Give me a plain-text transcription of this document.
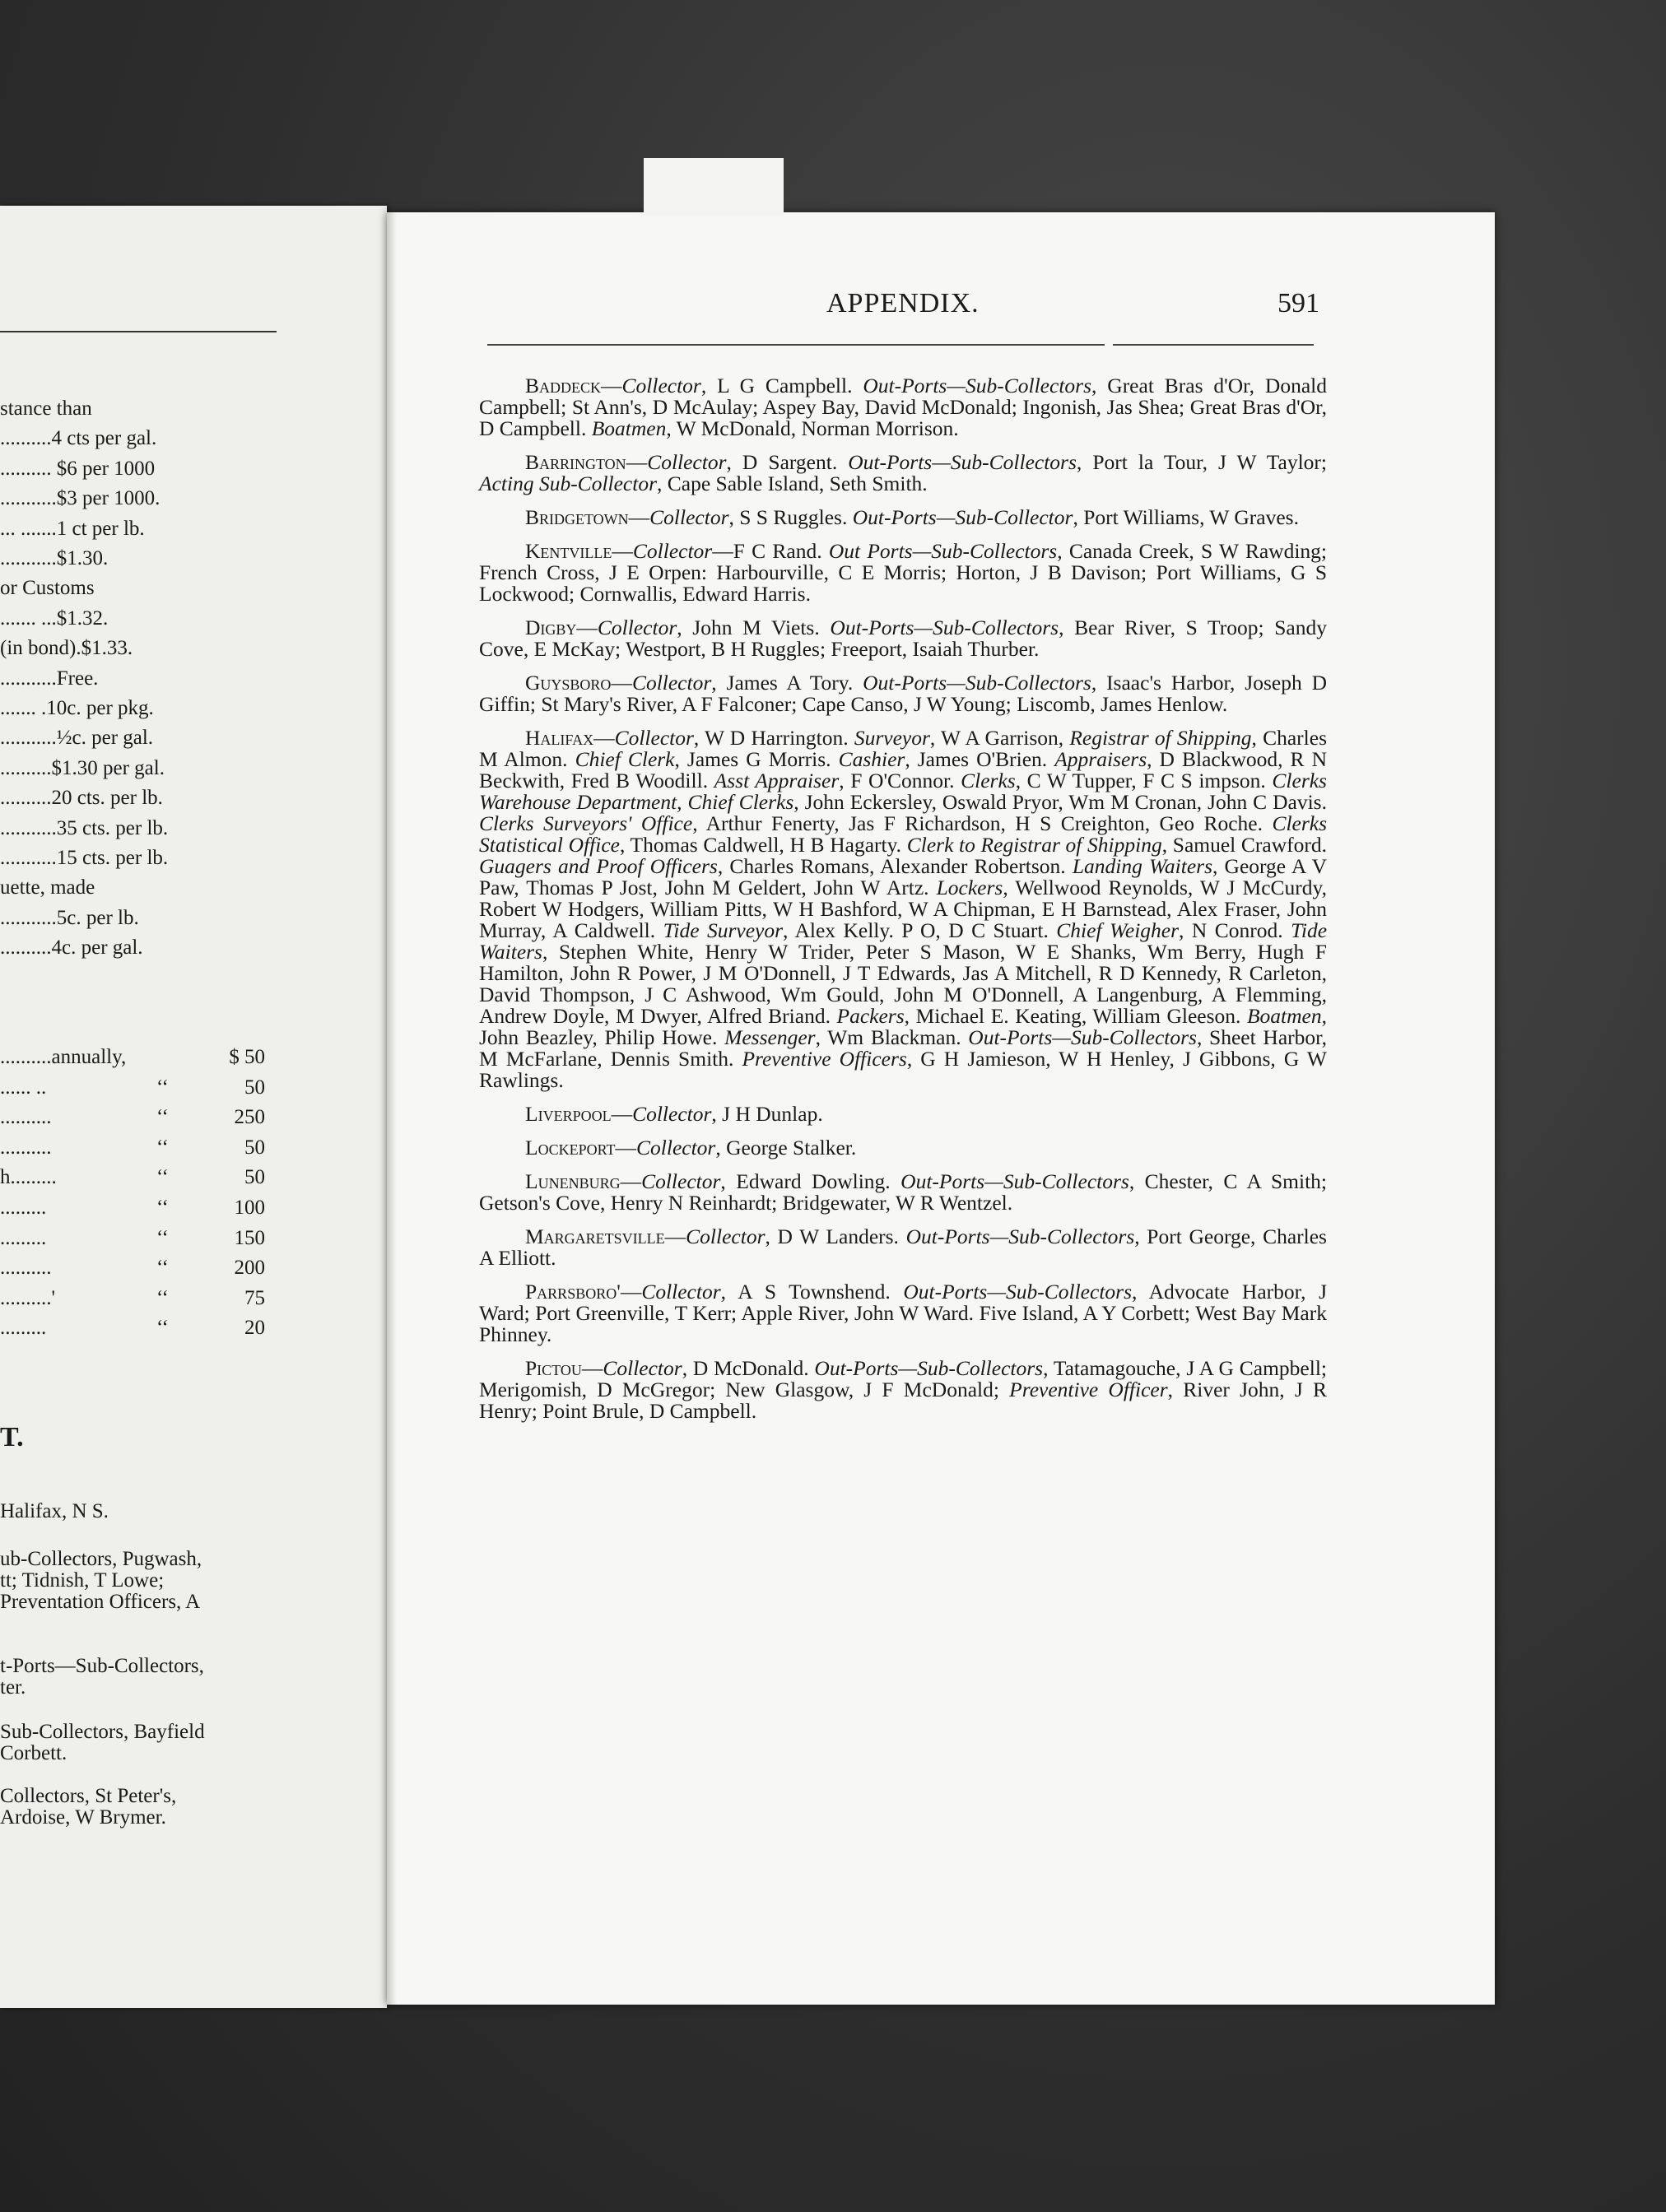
stance than
..........4 cts per gal.
.......... $6 per 1000
...........$3 per 1000.
... .......1 ct per lb.
...........$1.30.
or Customs
....... ...$1.32.
(in bond).$1.33.
...........Free.
....... .10c. per pkg.
...........½c. per gal.
..........$1.30 per gal.
..........20 cts. per lb.
...........35 cts. per lb.
...........15 cts. per lb.
uette, made
...........5c. per lb.
..........4c. per gal.
..........annually,	$ 50
...... ..	‘‘	50
..........	‘‘	250
..........	‘‘	50
h.........	‘‘	50
.........	‘‘	100
.........	‘‘	150
..........	‘‘	200
..........'	‘‘	75
.........	‘‘	20
T.
Halifax, N S.
ub-Collectors, Pugwash,
tt; Tidnish, T Lowe;
Preventation Officers, A
t-Ports—Sub-Collectors,
ter.
Sub-Collectors, Bayfield
Corbett.
Collectors, St Peter's,
Ardoise, W Brymer.
APPENDIX.	591

Baddeck—Collector, L G Campbell. Out-Ports—Sub-Collectors, Great Bras d'Or, Donald Campbell; St Ann's, D McAulay; Aspey Bay, David McDonald; Ingonish, Jas Shea; Great Bras d'Or, D Campbell. Boatmen, W McDonald, Norman Morrison.

Barrington—Collector, D Sargent. Out-Ports—Sub-Collectors, Port la Tour, J W Taylor; Acting Sub-Collector, Cape Sable Island, Seth Smith.

Bridgetown—Collector, S S Ruggles. Out-Ports—Sub-Collector, Port Williams, W Graves.

Kentville—Collector—F C Rand. Out Ports—Sub-Collectors, Canada Creek, S W Rawding; French Cross, J E Orpen: Harbourville, C E Morris; Horton, J B Davison; Port Williams, G S Lockwood; Cornwallis, Edward Harris.

Digby—Collector, John M Viets. Out-Ports—Sub-Collectors, Bear River, S Troop; Sandy Cove, E McKay; Westport, B H Ruggles; Freeport, Isaiah Thurber.

Guysboro—Collector, James A Tory. Out-Ports—Sub-Collectors, Isaac's Harbor, Joseph D Giffin; St Mary's River, A F Falconer; Cape Canso, J W Young; Liscomb, James Henlow.

Halifax—Collector, W D Harrington. Surveyor, W A Garrison, Registrar of Shipping, Charles M Almon. Chief Clerk, James G Morris. Cashier, James O'Brien. Appraisers, D Blackwood, R N Beckwith, Fred B Woodill. Asst Appraiser, F O'Connor. Clerks, C W Tupper, F C S impson. Clerks Warehouse Department, Chief Clerks, John Eckersley, Oswald Pryor, Wm M Cronan, John C Davis. Clerks Surveyors' Office, Arthur Fenerty, Jas F Richardson, H S Creighton, Geo Roche. Clerks Statistical Office, Thomas Caldwell, H B Hagarty. Clerk to Registrar of Shipping, Samuel Crawford. Guagers and Proof Officers, Charles Romans, Alexander Robertson. Landing Waiters, George A V Paw, Thomas P Jost, John M Geldert, John W Artz. Lockers, Wellwood Reynolds, W J McCurdy, Robert W Hodgers, William Pitts, W H Bashford, W A Chipman, E H Barnstead, Alex Fraser, John Murray, A Caldwell. Tide Surveyor, Alex Kelly. P O, D C Stuart. Chief Weigher, N Conrod. Tide Waiters, Stephen White, Henry W Trider, Peter S Mason, W E Shanks, Wm Berry, Hugh F Hamilton, John R Power, J M O'Donnell, J T Edwards, Jas A Mitchell, R D Kennedy, R Carleton, David Thompson, J C Ashwood, Wm Gould, John M O'Donnell, A Langenburg, A Flemming, Andrew Doyle, M Dwyer, Alfred Briand. Packers, Michael E. Keating, William Gleeson. Boatmen, John Beazley, Philip Howe. Messenger, Wm Blackman. Out-Ports—Sub-Collectors, Sheet Harbor, M McFarlane, Dennis Smith. Preventive Officers, G H Jamieson, W H Henley, J Gibbons, G W Rawlings.

Liverpool—Collector, J H Dunlap.

Lockeport—Collector, George Stalker.

Lunenburg—Collector, Edward Dowling. Out-Ports—Sub-Collectors, Chester, C A Smith; Getson's Cove, Henry N Reinhardt; Bridgewater, W R Wentzel.

Margaretsville—Collector, D W Landers. Out-Ports—Sub-Collectors, Port George, Charles A Elliott.

Parrsboro'—Collector, A S Townshend. Out-Ports—Sub-Collectors, Advocate Harbor, J Ward; Port Greenville, T Kerr; Apple River, John W Ward. Five Island, A Y Corbett; West Bay Mark Phinney.

Pictou—Collector, D McDonald. Out-Ports—Sub-Collectors, Tatamagouche, J A G Campbell; Merigomish, D McGregor; New Glasgow, J F McDonald; Preventive Officer, River John, J R Henry; Point Brule, D Campbell.
